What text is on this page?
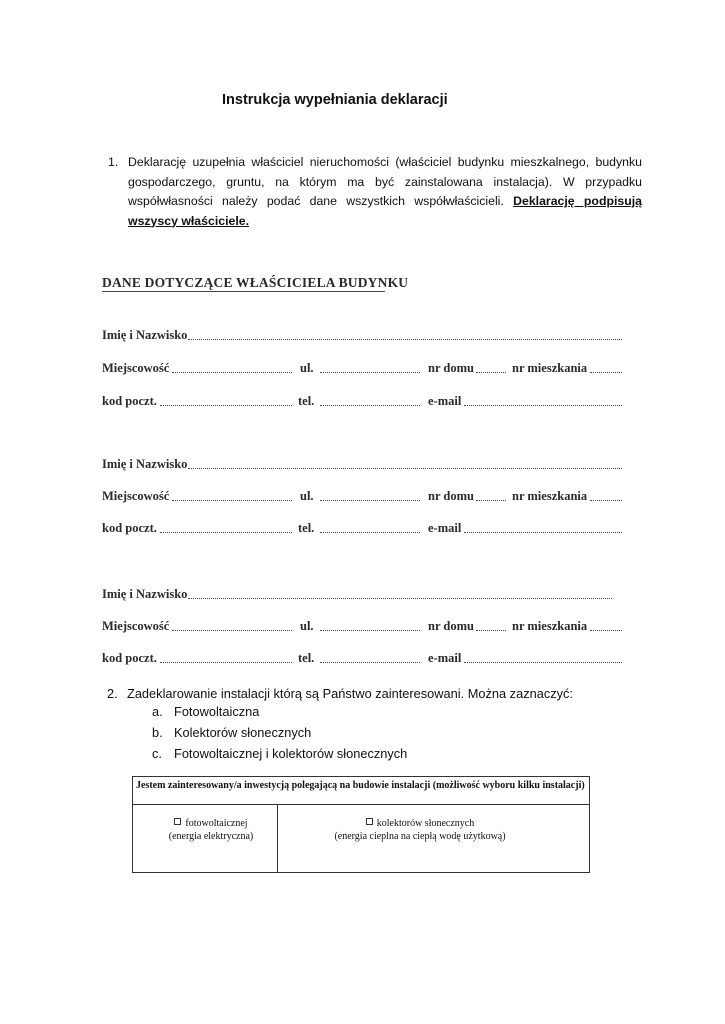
Instrukcja wypełniania deklaracji
1. Deklarację uzupełnia właściciel nieruchomości (właściciel budynku mieszkalnego, budynku gospodarczego, gruntu, na którym ma być zainstalowana instalacja). W przypadku współwłasności należy podać dane wszystkich współwłaścicieli. Deklarację podpisują wszyscy właściciele.
DANE DOTYCZĄCE WŁAŚCICIELA BUDYNKU
Imię i Nazwisko
Miejscowość	ul.	nr domu	nr mieszkania
kod poczt.	tel.	e-mail
Imię i Nazwisko
Miejscowość	ul.	nr domu	nr mieszkania
kod poczt.	tel.	e-mail
Imię i Nazwisko
Miejscowość	ul.	nr domu	nr mieszkania
kod poczt.	tel.	e-mail
2. Zadeklarowanie instalacji którą są Państwo zainteresowani. Można zaznaczyć:
a. Fotowoltaiczna
b. Kolektorów słonecznych
c. Fotowoltaicznej i kolektorów słonecznych
Jestem zainteresowany/a inwestycją polegającą na budowie instalacji (możliwość wyboru kilku instalacji)
fotowoltaicznej
(energia elektryczna)
kolektorów słonecznych
(energia cieplna na ciepłą wodę użytkową)
